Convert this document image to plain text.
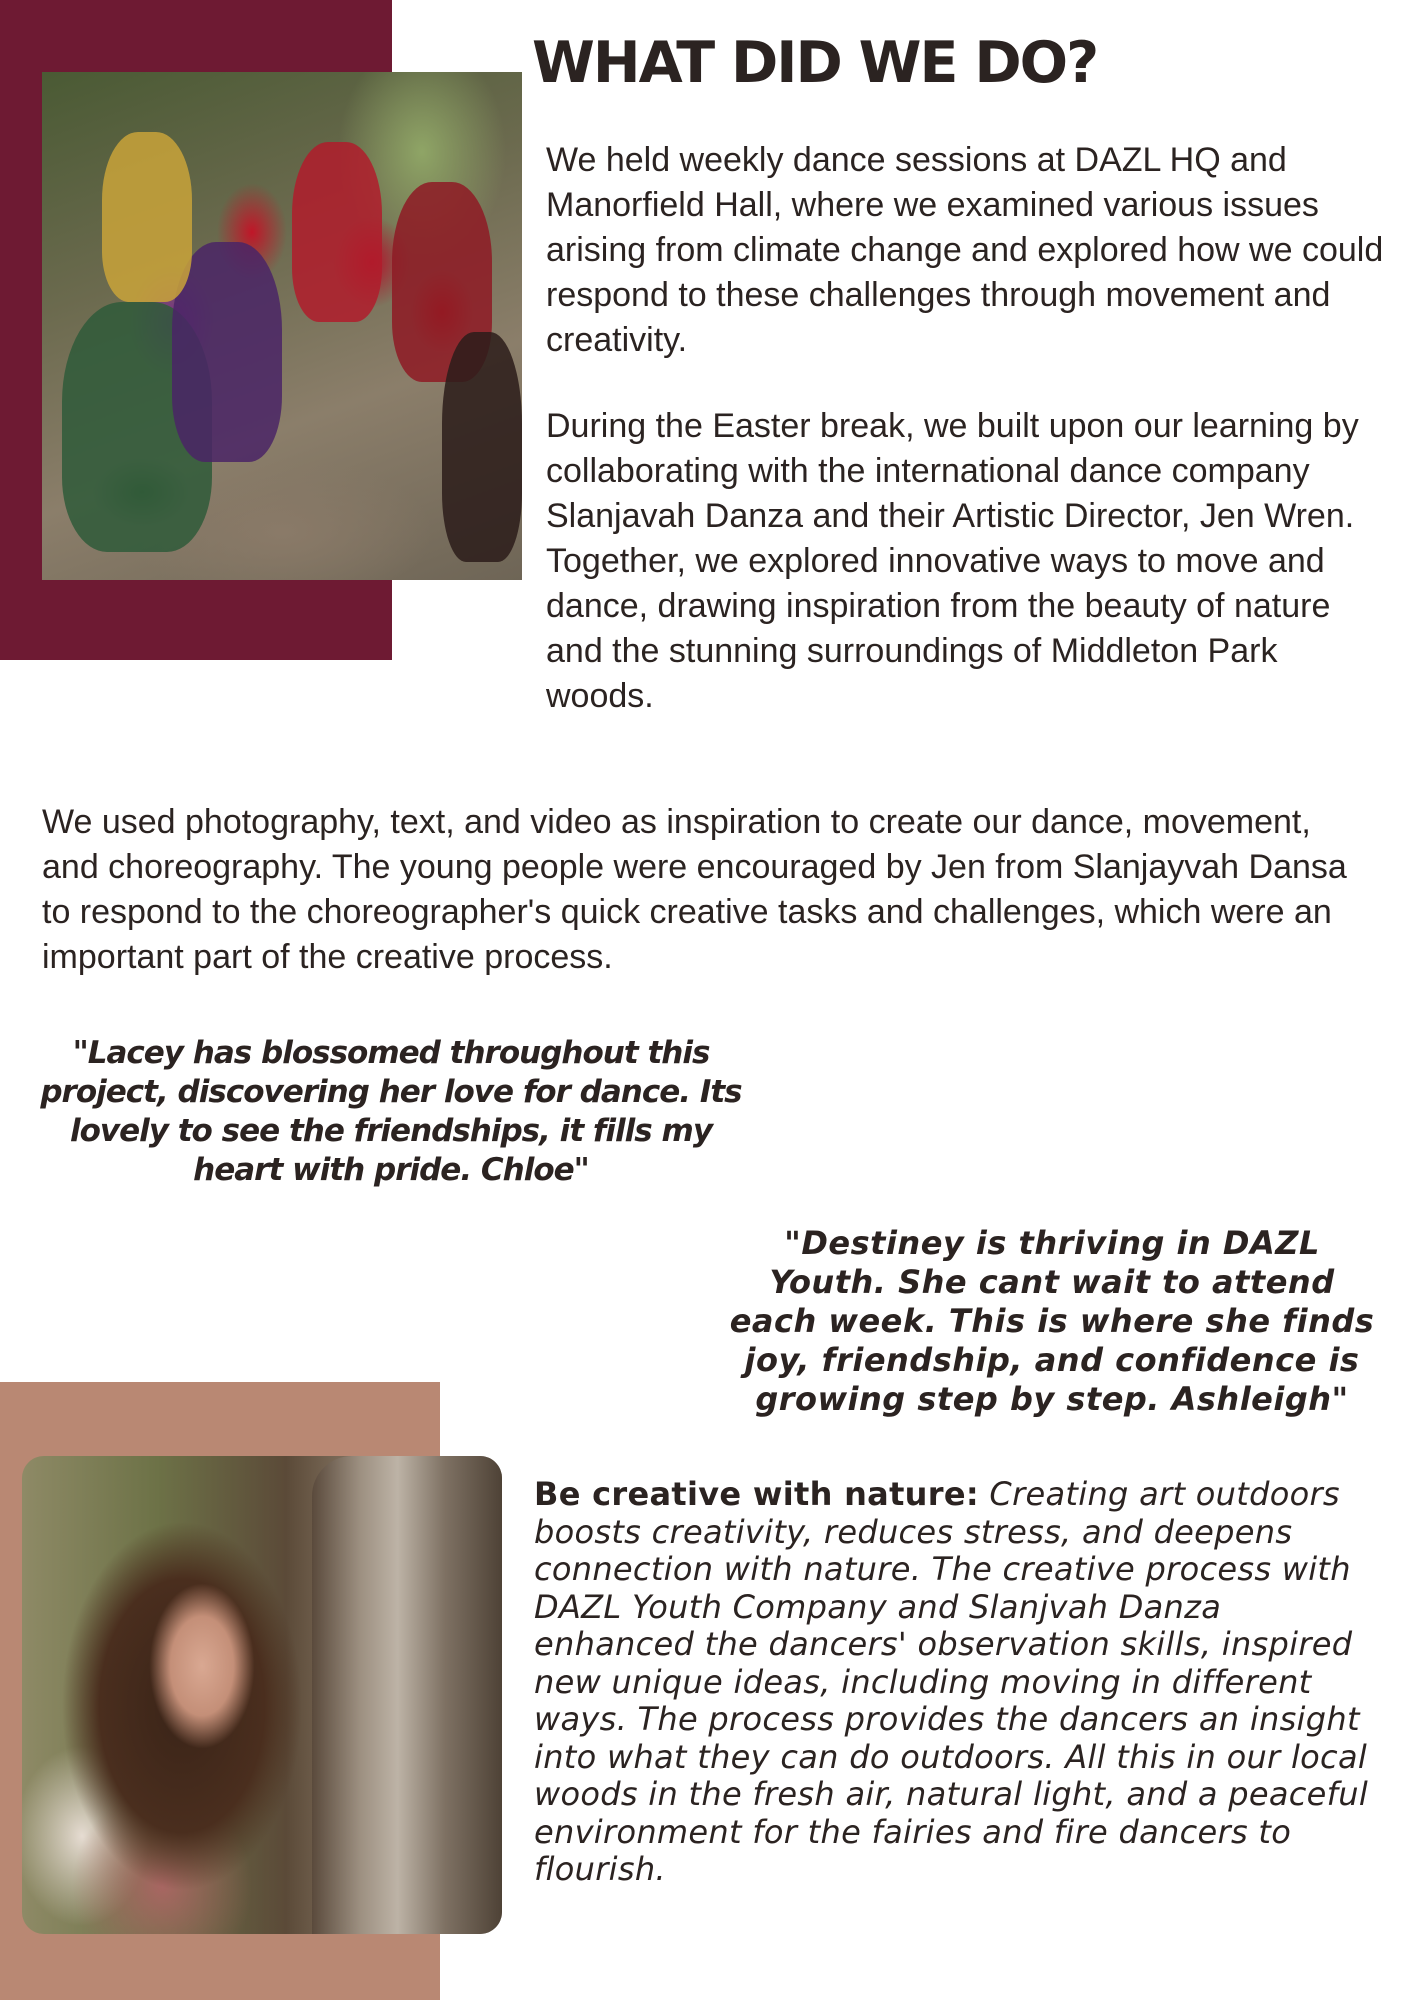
WHAT DID WE DO?

We held weekly dance sessions at DAZL HQ and Manorfield Hall, where we examined various issues arising from climate change and explored how we could respond to these challenges through movement and creativity.

During the Easter break, we built upon our learning by collaborating with the international dance company Slanjavah Danza and their Artistic Director, Jen Wren. Together, we explored innovative ways to move and dance, drawing inspiration from the beauty of nature and the stunning surroundings of Middleton Park woods.

We used photography, text, and video as inspiration to create our dance, movement, and choreography. The young people were encouraged by Jen from Slanjayvah Dansa to respond to the choreographer's quick creative tasks and challenges, which were an important part of the creative process.

"Lacey has blossomed throughout this project, discovering her love for dance. Its lovely to see the friendships, it fills my heart with pride. Chloe"

"Destiney is thriving in DAZL Youth. She cant wait to attend each week. This is where she finds joy, friendship, and confidence is growing step by step. Ashleigh"

Be creative with nature: Creating art outdoors boosts creativity, reduces stress, and deepens connection with nature. The creative process with DAZL Youth Company and Slanjvah Danza enhanced the dancers' observation skills, inspired new unique ideas, including moving in different ways. The process provides the dancers an insight into what they can do outdoors. All this in our local woods in the fresh air, natural light, and a peaceful environment for the fairies and fire dancers to flourish.
